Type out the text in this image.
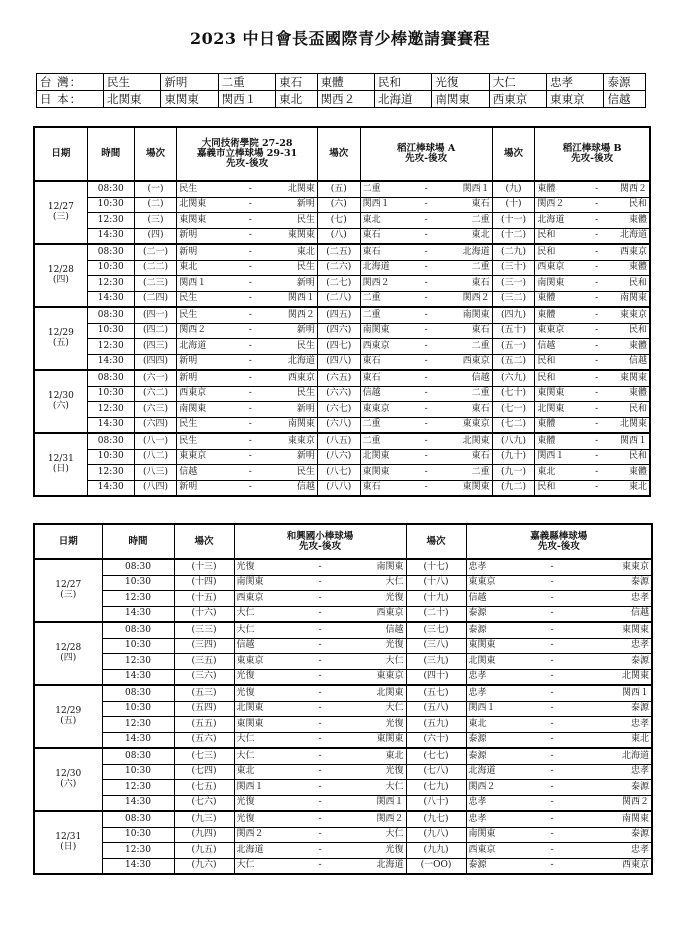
2023 中日會長盃國際青少棒邀請賽賽程
台 灣：	民生	新明	二重	東石	東體	民和	光復	大仁	忠孝	泰源
日 本：	北関東	東関東	関西１	東北	関西２	北海道	南関東	西東京	東東京	信越
日期	時間	場次	大同技術學院 27-28
嘉義市立棒球場 29-31
先攻-後攻			場次	稻江棒球場 A
先攻-後攻			場次	稻江棒球場 B
先攻-後攻		
12/27
(三)	08:30	(一)	民生	-	北関東	(五)	二重	-	関西１	(九)	東體	-	関西２
	10:30	(二)	北関東	-	新明	(六)	関西１	-	東石	(十)	関西２	-	民和
	12:30	(三)	東関東	-	民生	(七)	東北	-	二重	(十一)	北海道	-	東體
	14:30	(四)	新明	-	東関東	(八)	東石	-	東北	(十二)	民和	-	北海道
12/28
(四)	08:30	(二一)	新明	-	東北	(二五)	東石	-	北海道	(二九)	民和	-	西東京
	10:30	(二二)	東北	-	民生	(二六)	北海道	-	二重	(三十)	西東京	-	東體
	12:30	(二三)	関西１	-	新明	(二七)	関西２	-	東石	(三一)	南関東	-	民和
	14:30	(二四)	民生	-	関西１	(二八)	二重	-	関西２	(三二)	東體	-	南関東
12/29
(五)	08:30	(四一)	民生	-	関西２	(四五)	二重	-	南関東	(四九)	東體	-	東東京
	10:30	(四二)	関西２	-	新明	(四六)	南関東	-	東石	(五十)	東東京	-	民和
	12:30	(四三)	北海道	-	民生	(四七)	西東京	-	二重	(五一)	信越	-	東體
	14:30	(四四)	新明	-	北海道	(四八)	東石	-	西東京	(五二)	民和	-	信越
12/30
(六)	08:30	(六一)	新明	-	西東京	(六五)	東石	-	信越	(六九)	民和	-	東関東
	10:30	(六二)	西東京	-	民生	(六六)	信越	-	二重	(七十)	東関東	-	東體
	12:30	(六三)	南関東	-	新明	(六七)	東東京	-	東石	(七一)	北関東	-	民和
	14:30	(六四)	民生	-	南関東	(六八)	二重	-	東東京	(七二)	東體	-	北関東
12/31
(日)	08:30	(八一)	民生	-	東東京	(八五)	二重	-	北関東	(八九)	東體	-	関西１
	10:30	(八二)	東東京	-	新明	(八六)	北関東	-	東石	(九十)	関西１	-	民和
	12:30	(八三)	信越	-	民生	(八七)	東関東	-	二重	(九一)	東北	-	東體
	14:30	(八四)	新明	-	信越	(八八)	東石	-	東関東	(九二)	民和	-	東北
日期	時間	場次	和興國小棒球場
先攻-後攻			場次	嘉義縣棒球場
先攻-後攻		
12/27
(三)	08:30	(十三)	光復	-	南関東	(十七)	忠孝	-	東東京
	10:30	(十四)	南関東	-	大仁	(十八)	東東京	-	泰源
	12:30	(十五)	西東京	-	光復	(十九)	信越	-	忠孝
	14:30	(十六)	大仁	-	西東京	(二十)	泰源	-	信越
12/28
(四)	08:30	(三三)	大仁	-	信越	(三七)	泰源	-	東関東
	10:30	(三四)	信越	-	光復	(三八)	東関東	-	忠孝
	12:30	(三五)	東東京	-	大仁	(三九)	北関東	-	泰源
	14:30	(三六)	光復	-	東東京	(四十)	忠孝	-	北関東
12/29
(五)	08:30	(五三)	光復	-	北関東	(五七)	忠孝	-	関西１
	10:30	(五四)	北関東	-	大仁	(五八)	関西１	-	泰源
	12:30	(五五)	東関東	-	光復	(五九)	東北	-	忠孝
	14:30	(五六)	大仁	-	東関東	(六十)	泰源	-	東北
12/30
(六)	08:30	(七三)	大仁	-	東北	(七七)	泰源	-	北海道
	10:30	(七四)	東北	-	光復	(七八)	北海道	-	忠孝
	12:30	(七五)	関西１	-	大仁	(七九)	関西２	-	泰源
	14:30	(七六)	光復	-	関西１	(八十)	忠孝	-	関西２
12/31
(日)	08:30	(九三)	光復	-	関西２	(九七)	忠孝	-	南関東
	10:30	(九四)	関西２	-	大仁	(九八)	南関東	-	泰源
	12:30	(九五)	北海道	-	光復	(九九)	西東京	-	忠孝
	14:30	(九六)	大仁	-	北海道	(一OO)	泰源	-	西東京
